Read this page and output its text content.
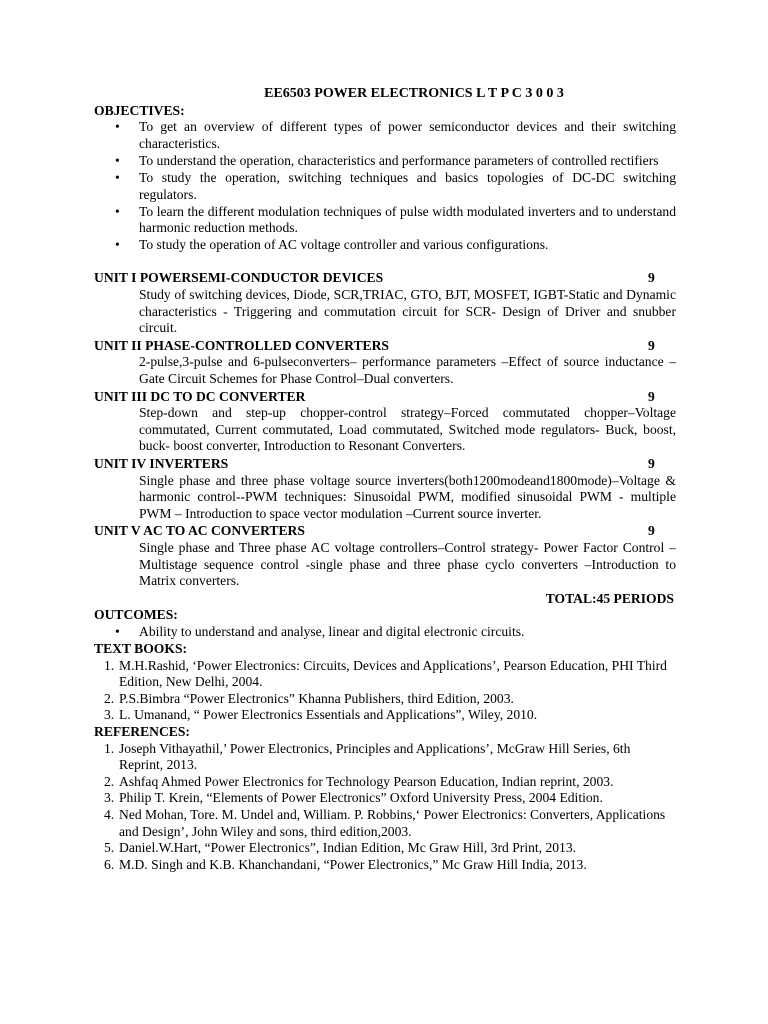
EE6503 POWER ELECTRONICS L T P C 3 0 0 3
OBJECTIVES:
• To get an overview of different types of power semiconductor devices and their switching characteristics.
• To understand the operation, characteristics and performance parameters of controlled rectifiers
• To study the operation, switching techniques and basics topologies of DC-DC switching regulators.
• To learn the different modulation techniques of pulse width modulated inverters and to understand harmonic reduction methods.
• To study the operation of AC voltage controller and various configurations.
UNIT I POWERSEMI-CONDUCTOR DEVICES	9
Study of switching devices, Diode, SCR,TRIAC, GTO, BJT, MOSFET, IGBT-Static and Dynamic characteristics - Triggering and commutation circuit for SCR- Design of Driver and snubber circuit.
UNIT II PHASE-CONTROLLED CONVERTERS	9
2-pulse,3-pulse and 6-pulseconverters– performance parameters –Effect of source inductance – Gate Circuit Schemes for Phase Control–Dual converters.
UNIT III DC TO DC CONVERTER	9
Step-down and step-up chopper-control strategy–Forced commutated chopper–Voltage commutated, Current commutated, Load commutated, Switched mode regulators- Buck, boost, buck- boost converter, Introduction to Resonant Converters.
UNIT IV INVERTERS	9
Single phase and three phase voltage source inverters(both1200modeand1800mode)–Voltage & harmonic control--PWM techniques: Sinusoidal PWM, modified sinusoidal PWM - multiple PWM – Introduction to space vector modulation –Current source inverter.
UNIT V AC TO AC CONVERTERS	9
Single phase and Three phase AC voltage controllers–Control strategy- Power Factor Control – Multistage sequence control -single phase and three phase cyclo converters –Introduction to Matrix converters.
TOTAL:45 PERIODS
OUTCOMES:
• Ability to understand and analyse, linear and digital electronic circuits.
TEXT BOOKS:
1. M.H.Rashid, ‘Power Electronics: Circuits, Devices and Applications’, Pearson Education, PHI Third Edition, New Delhi, 2004.
2. P.S.Bimbra “Power Electronics” Khanna Publishers, third Edition, 2003.
3. L. Umanand, “ Power Electronics Essentials and Applications”, Wiley, 2010.
REFERENCES:
1. Joseph Vithayathil,’ Power Electronics, Principles and Applications’, McGraw Hill Series, 6th Reprint, 2013.
2. Ashfaq Ahmed Power Electronics for Technology Pearson Education, Indian reprint, 2003.
3. Philip T. Krein, “Elements of Power Electronics” Oxford University Press, 2004 Edition.
4. Ned Mohan, Tore. M. Undel and, William. P. Robbins,‘ Power Electronics: Converters, Applications and Design’, John Wiley and sons, third edition,2003.
5. Daniel.W.Hart, “Power Electronics”, Indian Edition, Mc Graw Hill, 3rd Print, 2013.
6. M.D. Singh and K.B. Khanchandani, “Power Electronics,” Mc Graw Hill India, 2013.
